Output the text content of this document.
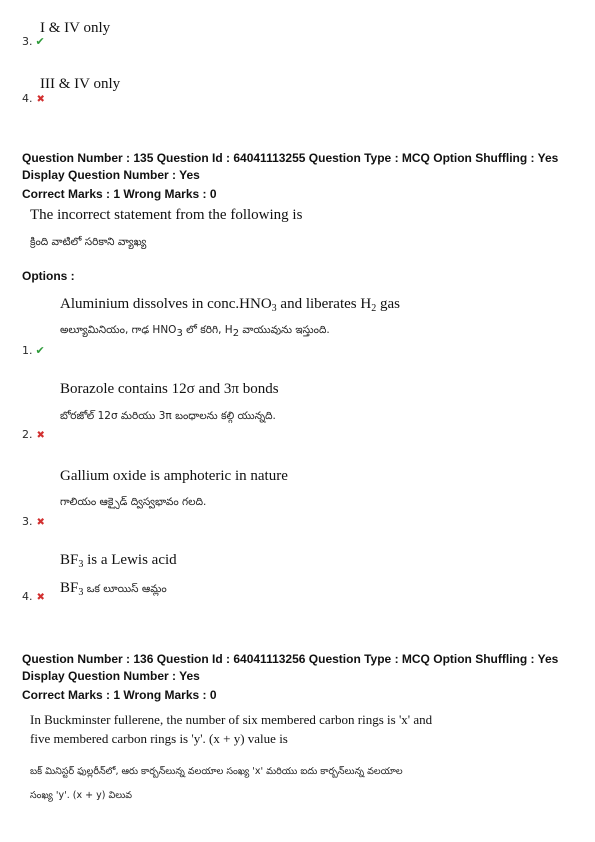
I & IV only
3. ✔
III & IV only
4. ✖
Question Number : 135 Question Id : 64041113255 Question Type : MCQ Option Shuffling : Yes
Display Question Number : Yes
Correct Marks : 1 Wrong Marks : 0
The incorrect statement from the following is
క్రింది వాటిలో సరికాని వ్యాఖ్య
Options :
Aluminium dissolves in $conc.HNO_3$ and liberates $H_2$ gas
అల్యూమినియం, గాఢ $HNO_3$ లో కరిగి, $H_2$ వాయువును ఇస్తుంది.
1. ✔
Borazole contains 12σ and 3π bonds
బోరజోల్ 12σ మరియు 3π బంధాలను కల్గి యున్నది.
2. ✖
Gallium oxide is amphoteric in nature
గాలియం ఆక్సైడ్ ద్విస్వభావం గలది.
3. ✖
$BF_3$ is a Lewis acid
$BF_3$ ఒక లూయిస్ ఆమ్లం
4. ✖
Question Number : 136 Question Id : 64041113256 Question Type : MCQ Option Shuffling : Yes
Display Question Number : Yes
Correct Marks : 1 Wrong Marks : 0
In Buckminster fullerene, the number of six membered carbon rings is 'x' and
five membered carbon rings is 'y'. (x + y) value is
బక్ మినిస్టర్ ఫుల్లరీన్‌లో, ఆరు కార్బన్‌లున్న వలయాల సంఖ్య 'x' మరియు ఐదు కార్బన్‌లున్న వలయాల
సంఖ్య 'y'. (x + y) విలువ
